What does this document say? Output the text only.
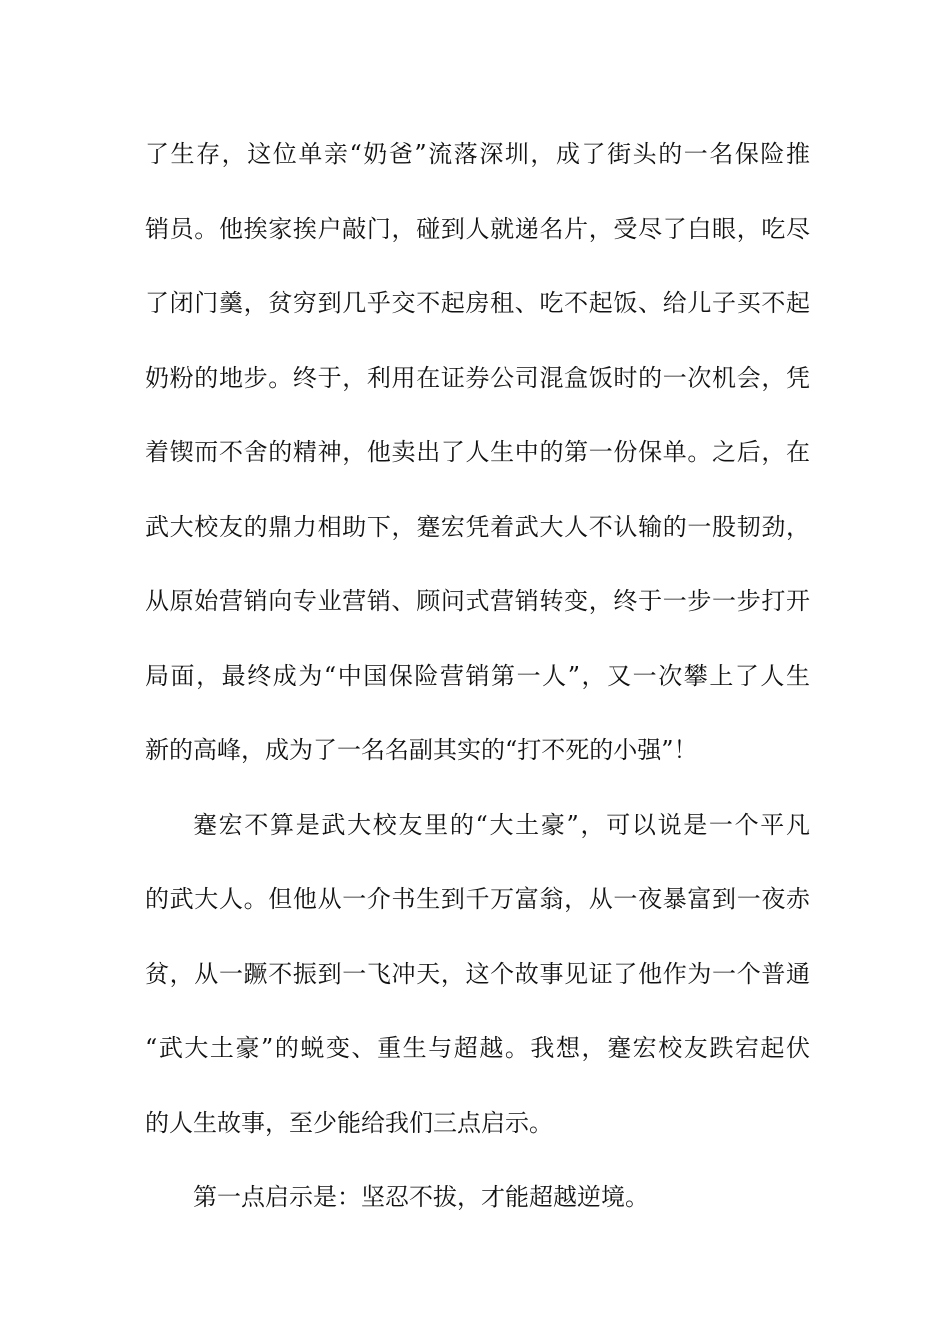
了生存，这位单亲“奶爸”流落深圳，成了街头的一名保险推
销员。他挨家挨户敲门，碰到人就递名片，受尽了白眼，吃尽
了闭门羹，贫穷到几乎交不起房租、吃不起饭、给儿子买不起
奶粉的地步。终于，利用在证券公司混盒饭时的一次机会，凭
着锲而不舍的精神，他卖出了人生中的第一份保单。之后，在
武大校友的鼎力相助下，蹇宏凭着武大人不认输的一股韧劲，
从原始营销向专业营销、顾问式营销转变，终于一步一步打开
局面，最终成为“中国保险营销第一人”，又一次攀上了人生
新的高峰，成为了一名名副其实的“打不死的小强”！
蹇宏不算是武大校友里的“大土豪”，可以说是一个平凡
的武大人。但他从一介书生到千万富翁，从一夜暴富到一夜赤
贫，从一蹶不振到一飞冲天，这个故事见证了他作为一个普通
“武大土豪”的蜕变、重生与超越。我想，蹇宏校友跌宕起伏
的人生故事，至少能给我们三点启示。
第一点启示是：坚忍不拔，才能超越逆境。
